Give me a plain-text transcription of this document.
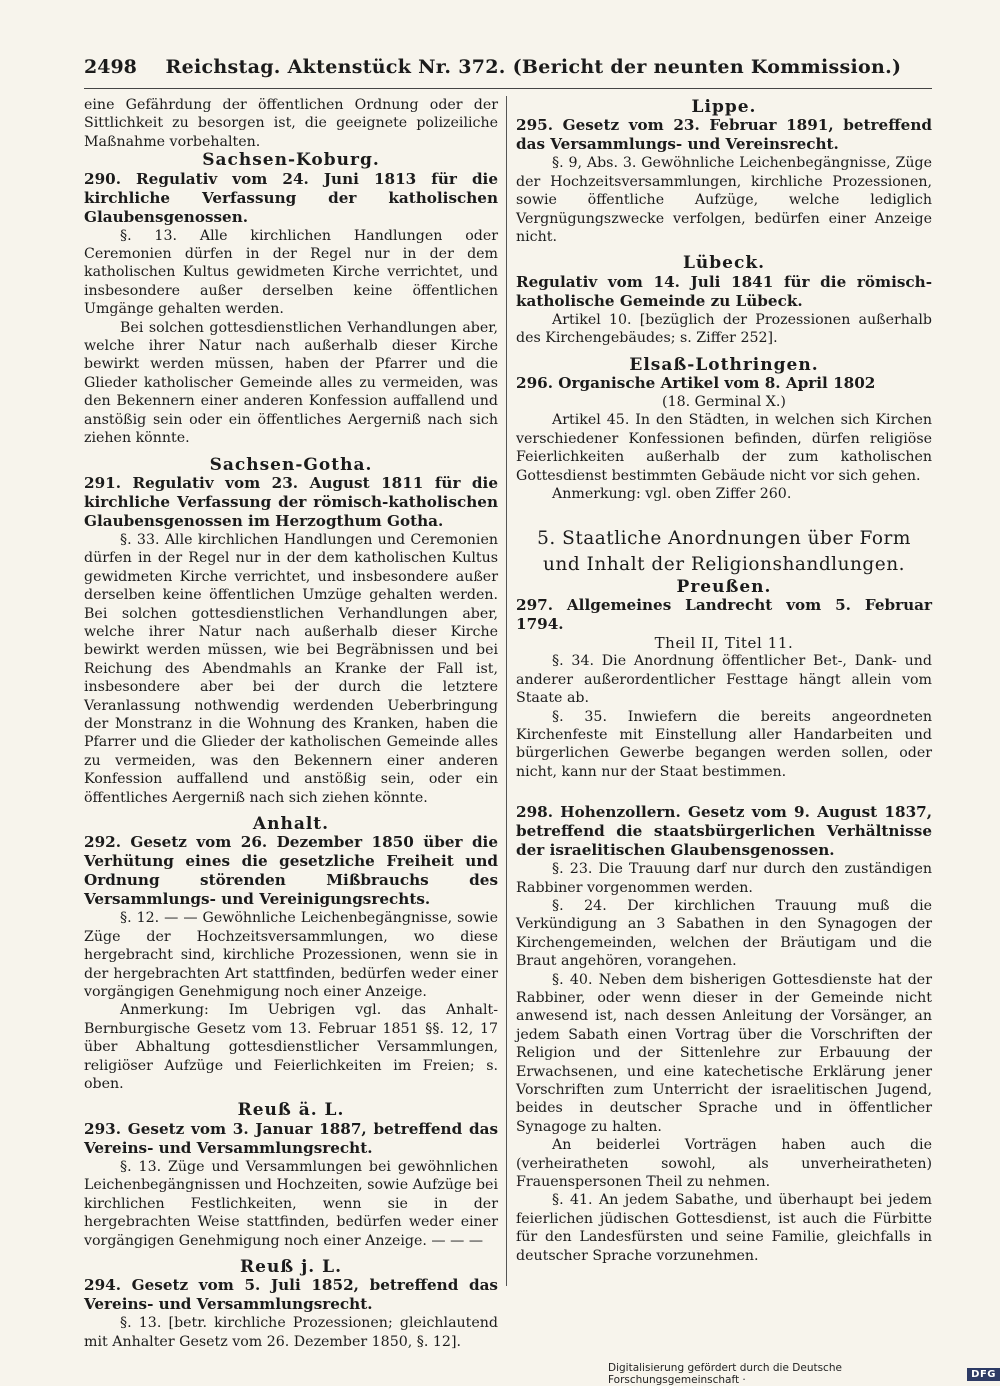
2498	Reichstag. Aktenstück Nr. 372. (Bericht der neunten Kommission.)

eine Gefährdung der öffentlichen Ordnung oder der Sittlichkeit zu besorgen ist, die geeignete polizeiliche Maßnahme vorbehalten.

Sachsen-Koburg.

290. Regulativ vom 24. Juni 1813 für die kirchliche Verfassung der katholischen Glaubensgenossen.

§. 13. Alle kirchlichen Handlungen oder Ceremonien dürfen in der Regel nur in der dem katholischen Kultus gewidmeten Kirche verrichtet, und insbesondere außer derselben keine öffentlichen Umgänge gehalten werden.

Bei solchen gottesdienstlichen Verhandlungen aber, welche ihrer Natur nach außerhalb dieser Kirche bewirkt werden müssen, haben der Pfarrer und die Glieder katholischer Gemeinde alles zu vermeiden, was den Bekennern einer anderen Konfession auffallend und anstößig sein oder ein öffentliches Aergerniß nach sich ziehen könnte.

Sachsen-Gotha.

291. Regulativ vom 23. August 1811 für die kirchliche Verfassung der römisch-katholischen Glaubensgenossen im Herzogthum Gotha.

§. 33. Alle kirchlichen Handlungen und Ceremonien dürfen in der Regel nur in der dem katholischen Kultus gewidmeten Kirche verrichtet, und insbesondere außer derselben keine öffentlichen Umzüge gehalten werden. Bei solchen gottesdienstlichen Verhandlungen aber, welche ihrer Natur nach außerhalb dieser Kirche bewirkt werden müssen, wie bei Begräbnissen und bei Reichung des Abendmahls an Kranke der Fall ist, insbesondere aber bei der durch die letztere Veranlassung nothwendig werdenden Ueberbringung der Monstranz in die Wohnung des Kranken, haben die Pfarrer und die Glieder der katholischen Gemeinde alles zu vermeiden, was den Bekennern einer anderen Konfession auffallend und anstößig sein, oder ein öffentliches Aergerniß nach sich ziehen könnte.

Anhalt.

292. Gesetz vom 26. Dezember 1850 über die Verhütung eines die gesetzliche Freiheit und Ordnung störenden Mißbrauchs des Versammlungs- und Vereinigungsrechts.

§. 12. — — Gewöhnliche Leichenbegängnisse, sowie Züge der Hochzeitsversammlungen, wo diese hergebracht sind, kirchliche Prozessionen, wenn sie in der hergebrachten Art stattfinden, bedürfen weder einer vorgängigen Genehmigung noch einer Anzeige.

Anmerkung: Im Uebrigen vgl. das Anhalt-Bernburgische Gesetz vom 13. Februar 1851 §§. 12, 17 über Abhaltung gottesdienstlicher Versammlungen, religiöser Aufzüge und Feierlichkeiten im Freien; s. oben.

Reuß ä. L.

293. Gesetz vom 3. Januar 1887, betreffend das Vereins- und Versammlungsrecht.

§. 13. Züge und Versammlungen bei gewöhnlichen Leichenbegängnissen und Hochzeiten, sowie Aufzüge bei kirchlichen Festlichkeiten, wenn sie in der hergebrachten Weise stattfinden, bedürfen weder einer vorgängigen Genehmigung noch einer Anzeige. — — —

Reuß j. L.

294. Gesetz vom 5. Juli 1852, betreffend das Vereins- und Versammlungsrecht.

§. 13. [betr. kirchliche Prozessionen; gleichlautend mit Anhalter Gesetz vom 26. Dezember 1850, §. 12].

Lippe.

295. Gesetz vom 23. Februar 1891, betreffend das Versammlungs- und Vereinsrecht.

§. 9, Abs. 3. Gewöhnliche Leichenbegängnisse, Züge der Hochzeitsversammlungen, kirchliche Prozessionen, sowie öffentliche Aufzüge, welche lediglich Vergnügungszwecke verfolgen, bedürfen einer Anzeige nicht.

Lübeck.

Regulativ vom 14. Juli 1841 für die römisch-katholische Gemeinde zu Lübeck.

Artikel 10. [bezüglich der Prozessionen außerhalb des Kirchengebäudes; s. Ziffer 252].

Elsaß-Lothringen.

296. Organische Artikel vom 8. April 1802

(18. Germinal X.)

Artikel 45. In den Städten, in welchen sich Kirchen verschiedener Konfessionen befinden, dürfen religiöse Feierlichkeiten außerhalb der zum katholischen Gottesdienst bestimmten Gebäude nicht vor sich gehen.

Anmerkung: vgl. oben Ziffer 260.

5. Staatliche Anordnungen über Form und Inhalt der Religionshandlungen.

Preußen.

297. Allgemeines Landrecht vom 5. Februar 1794.

Theil II, Titel 11.

§. 34. Die Anordnung öffentlicher Bet-, Dank- und anderer außerordentlicher Festtage hängt allein vom Staate ab.

§. 35. Inwiefern die bereits angeordneten Kirchenfeste mit Einstellung aller Handarbeiten und bürgerlichen Gewerbe begangen werden sollen, oder nicht, kann nur der Staat bestimmen.

298. Hohenzollern. Gesetz vom 9. August 1837, betreffend die staatsbürgerlichen Verhältnisse der israelitischen Glaubensgenossen.

§. 23. Die Trauung darf nur durch den zuständigen Rabbiner vorgenommen werden.

§. 24. Der kirchlichen Trauung muß die Verkündigung an 3 Sabathen in den Synagogen der Kirchengemeinden, welchen der Bräutigam und die Braut angehören, vorangehen.

§. 40. Neben dem bisherigen Gottesdienste hat der Rabbiner, oder wenn dieser in der Gemeinde nicht anwesend ist, nach dessen Anleitung der Vorsänger, an jedem Sabath einen Vortrag über die Vorschriften der Religion und der Sittenlehre zur Erbauung der Erwachsenen, und eine katechetische Erklärung jener Vorschriften zum Unterricht der israelitischen Jugend, beides in deutscher Sprache und in öffentlicher Synagoge zu halten.

An beiderlei Vorträgen haben auch die (verheiratheten sowohl, als unverheiratheten) Frauenspersonen Theil zu nehmen.

§. 41. An jedem Sabathe, und überhaupt bei jedem feierlichen jüdischen Gottesdienst, ist auch die Fürbitte für den Landesfürsten und seine Familie, gleichfalls in deutscher Sprache vorzunehmen.

Digitalisierung gefördert durch die Deutsche Forschungsgemeinschaft ·	DFG
